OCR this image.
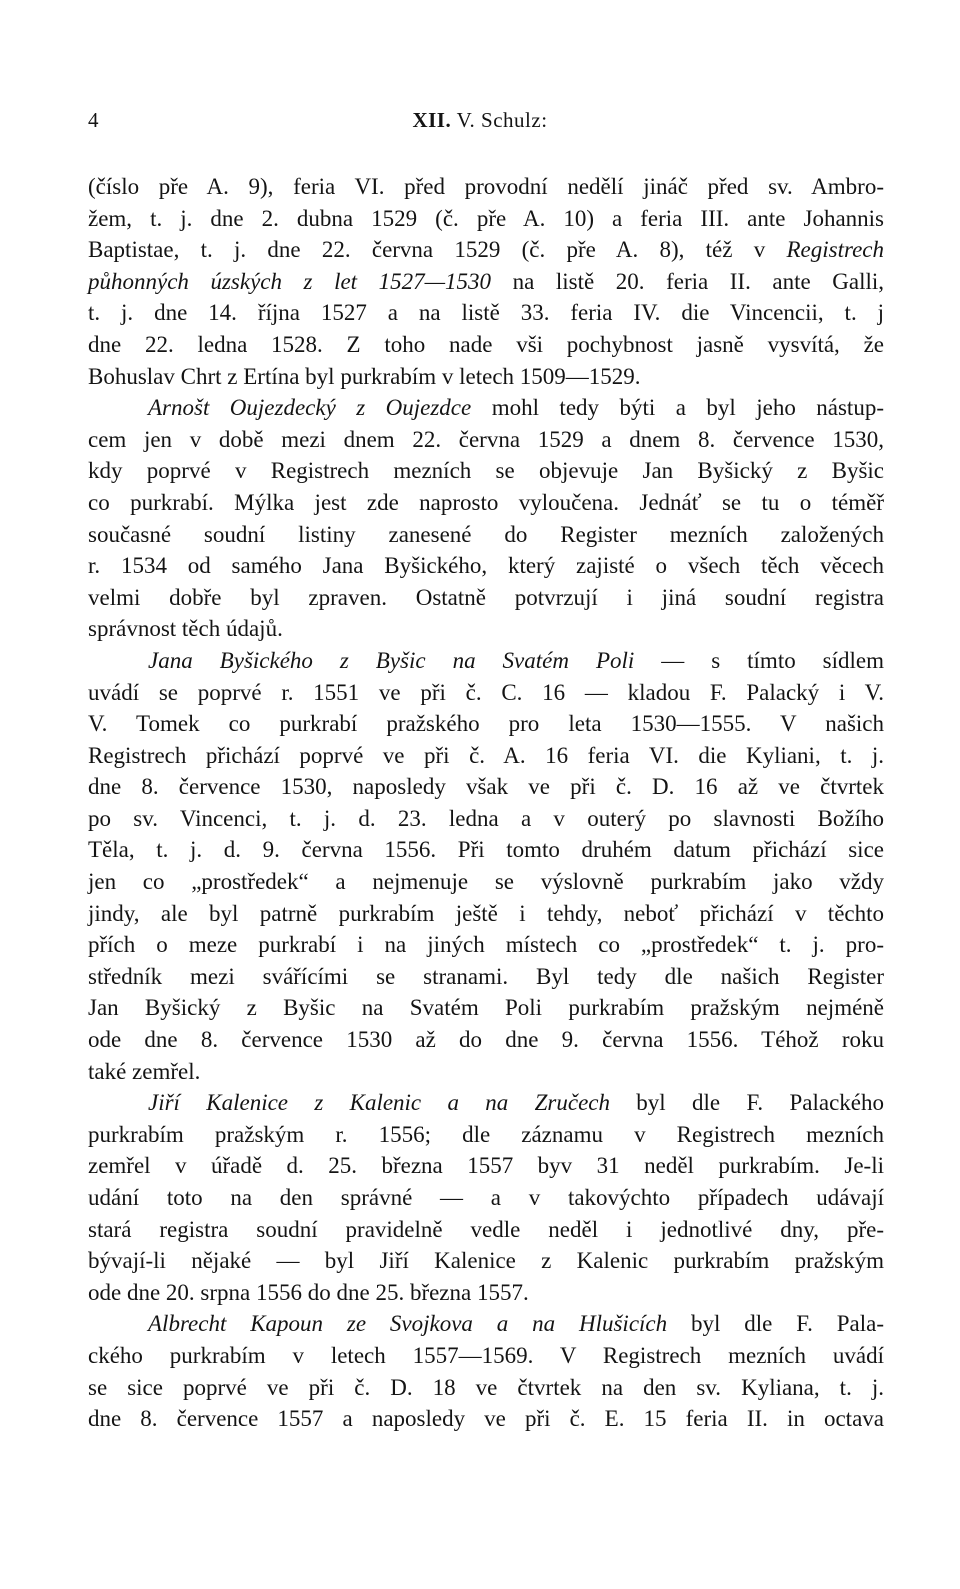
4	XII. V. Schulz:

(číslo pře A. 9), feria VI. před provodní nedělí jináč před sv. Ambro-
žem, t. j. dne 2. dubna 1529 (č. pře A. 10) a feria III. ante Johannis
Baptistae, t. j. dne 22. června 1529 (č. pře A. 8), též v Registrech
půhonných úzských z let 1527—1530 na listě 20. feria II. ante Galli,
t. j. dne 14. října 1527 a na listě 33. feria IV. die Vincencii, t. j
dne 22. ledna 1528. Z toho nade vši pochybnost jasně vysvítá, že
Bohuslav Chrt z Ertína byl purkrabím v letech 1509—1529.

Arnošt Oujezdecký z Oujezdce mohl tedy býti a byl jeho nástup-
cem jen v době mezi dnem 22. června 1529 a dnem 8. července 1530,
kdy poprvé v Registrech mezních se objevuje Jan Byšický z Byšic
co purkrabí. Mýlka jest zde naprosto vyloučena. Jednáť se tu o téměř
současné soudní listiny zanesené do Register mezních založených
r. 1534 od samého Jana Byšického, který zajisté o všech těch věcech
velmi dobře byl zpraven. Ostatně potvrzují i jiná soudní registra
správnost těch údajů.

Jana Byšického z Byšic na Svatém Poli — s tímto sídlem
uvádí se poprvé r. 1551 ve při č. C. 16 — kladou F. Palacký i V.
V. Tomek co purkrabí pražského pro leta 1530—1555. V našich
Registrech přichází poprvé ve při č. A. 16 feria VI. die Kyliani, t. j.
dne 8. července 1530, naposledy však ve při č. D. 16 až ve čtvrtek
po sv. Vincenci, t. j. d. 23. ledna a v outerý po slavnosti Božího
Těla, t. j. d. 9. června 1556. Při tomto druhém datum přichází sice
jen co „prostředek“ a nejmenuje se výslovně purkrabím jako vždy
jindy, ale byl patrně purkrabím ještě i tehdy, neboť přichází v těchto
přích o meze purkrabí i na jiných místech co „prostředek“ t. j. pro-
středník mezi svářícími se stranami. Byl tedy dle našich Register
Jan Byšický z Byšic na Svatém Poli purkrabím pražským nejméně
ode dne 8. července 1530 až do dne 9. června 1556. Téhož roku
také zemřel.

Jiří Kalenice z Kalenic a na Zručech byl dle F. Palackého
purkrabím pražským r. 1556; dle záznamu v Registrech mezních
zemřel v úřadě d. 25. března 1557 byv 31 neděl purkrabím. Je-li
udání toto na den správné — a v takovýchto případech udávají
stará registra soudní pravidelně vedle neděl i jednotlivé dny, pře-
bývají-li nějaké — byl Jiří Kalenice z Kalenic purkrabím pražským
ode dne 20. srpna 1556 do dne 25. března 1557.

Albrecht Kapoun ze Svojkova a na Hlušicích byl dle F. Pala-
ckého purkrabím v letech 1557—1569. V Registrech mezních uvádí
se sice poprvé ve při č. D. 18 ve čtvrtek na den sv. Kyliana, t. j.
dne 8. července 1557 a naposledy ve při č. E. 15 feria II. in octava
